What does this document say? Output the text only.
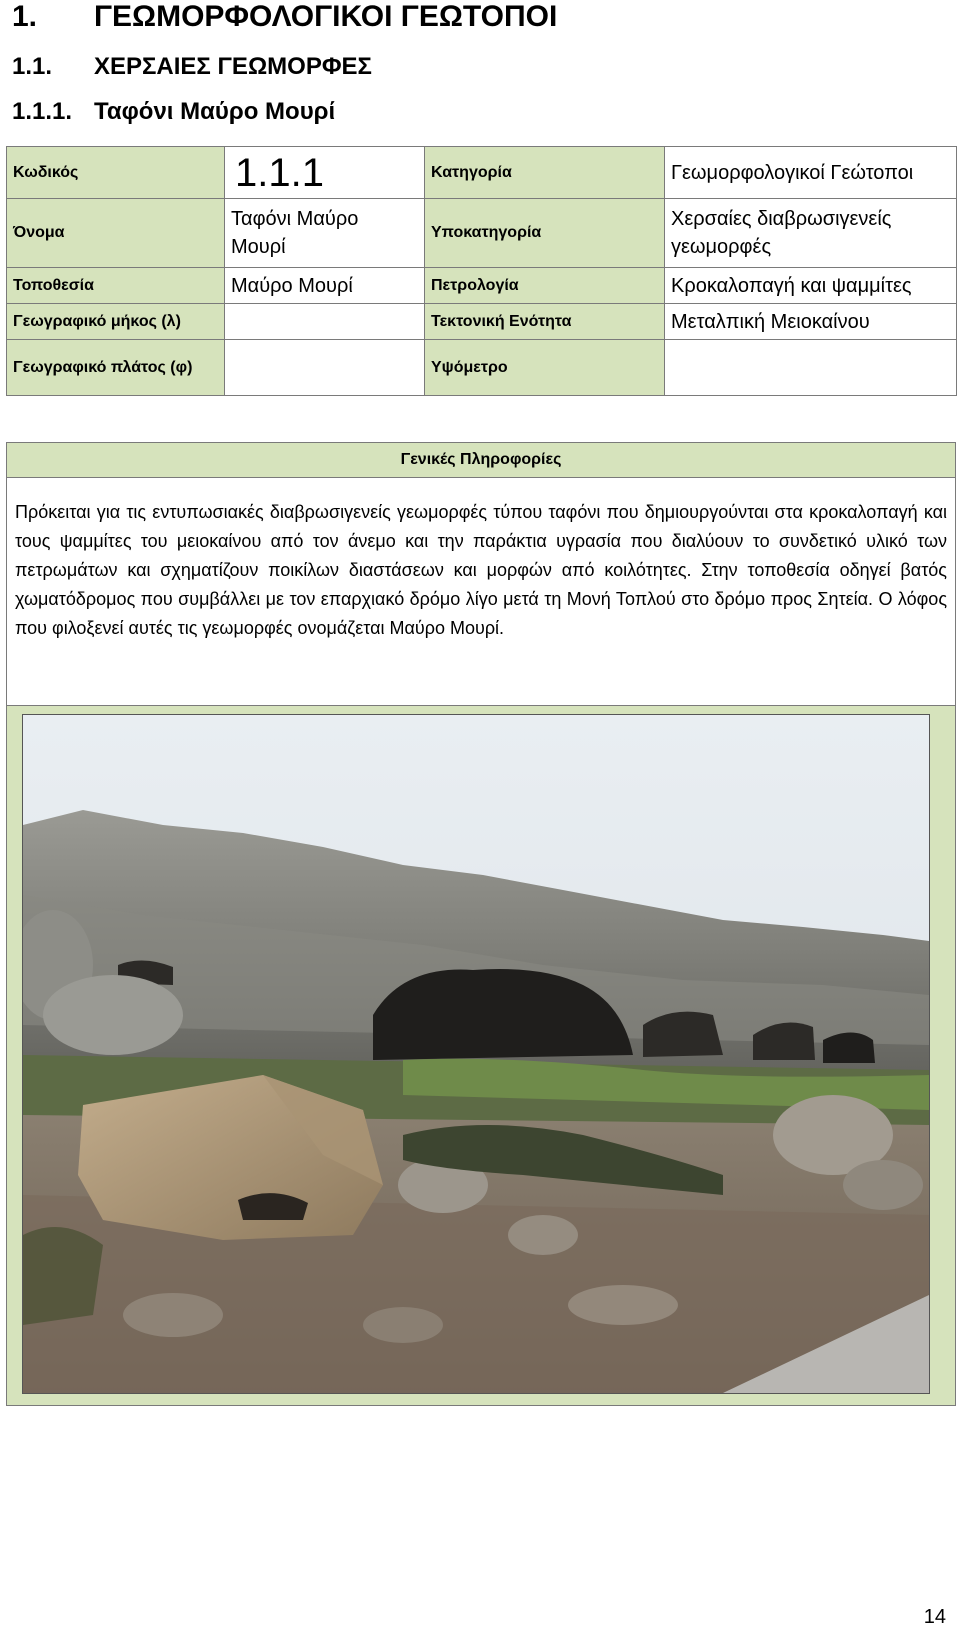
1. ΓΕΩΜΟΡΦΟΛΟΓΙΚΟΙ ΓΕΩΤΟΠΟΙ
1.1. ΧΕΡΣΑΙΕΣ ΓΕΩΜΟΡΦΕΣ
1.1.1. Ταφόνι Μαύρο Μουρί
Κωδικός	1.1.1	Κατηγορία	Γεωμορφολογικοί Γεώτοποι
Όνομα	Ταφόνι Μαύρο Μουρί	Υποκατηγορία	Χερσαίες διαβρωσιγενείς γεωμορφές
Τοποθεσία	Μαύρο Μουρί	Πετρολογία	Κροκαλοπαγή και ψαμμίτες
Γεωγραφικό μήκος (λ)		Τεκτονική Ενότητα	Μεταλπική Μειοκαίνου
Γεωγραφικό πλάτος (φ)		Υψόμετρο	
Γενικές Πληροφορίες
Πρόκειται για τις εντυπωσιακές διαβρωσιγενείς γεωμορφές τύπου ταφόνι που δημιουργούνται στα κροκαλοπαγή και τους ψαμμίτες του μειοκαίνου από τον άνεμο και την παράκτια υγρασία που διαλύουν το συνδετικό υλικό των πετρωμάτων και σχηματίζουν ποικίλων διαστάσεων και μορφών από κοιλότητες. Στην τοποθεσία οδηγεί βατός χωματόδρομος που συμβάλλει με τον επαρχιακό δρόμο λίγο μετά τη Μονή Τοπλού στο δρόμο προς Σητεία. Ο λόφος που φιλοξενεί αυτές τις γεωμορφές ονομάζεται Μαύρο Μουρί.
14
